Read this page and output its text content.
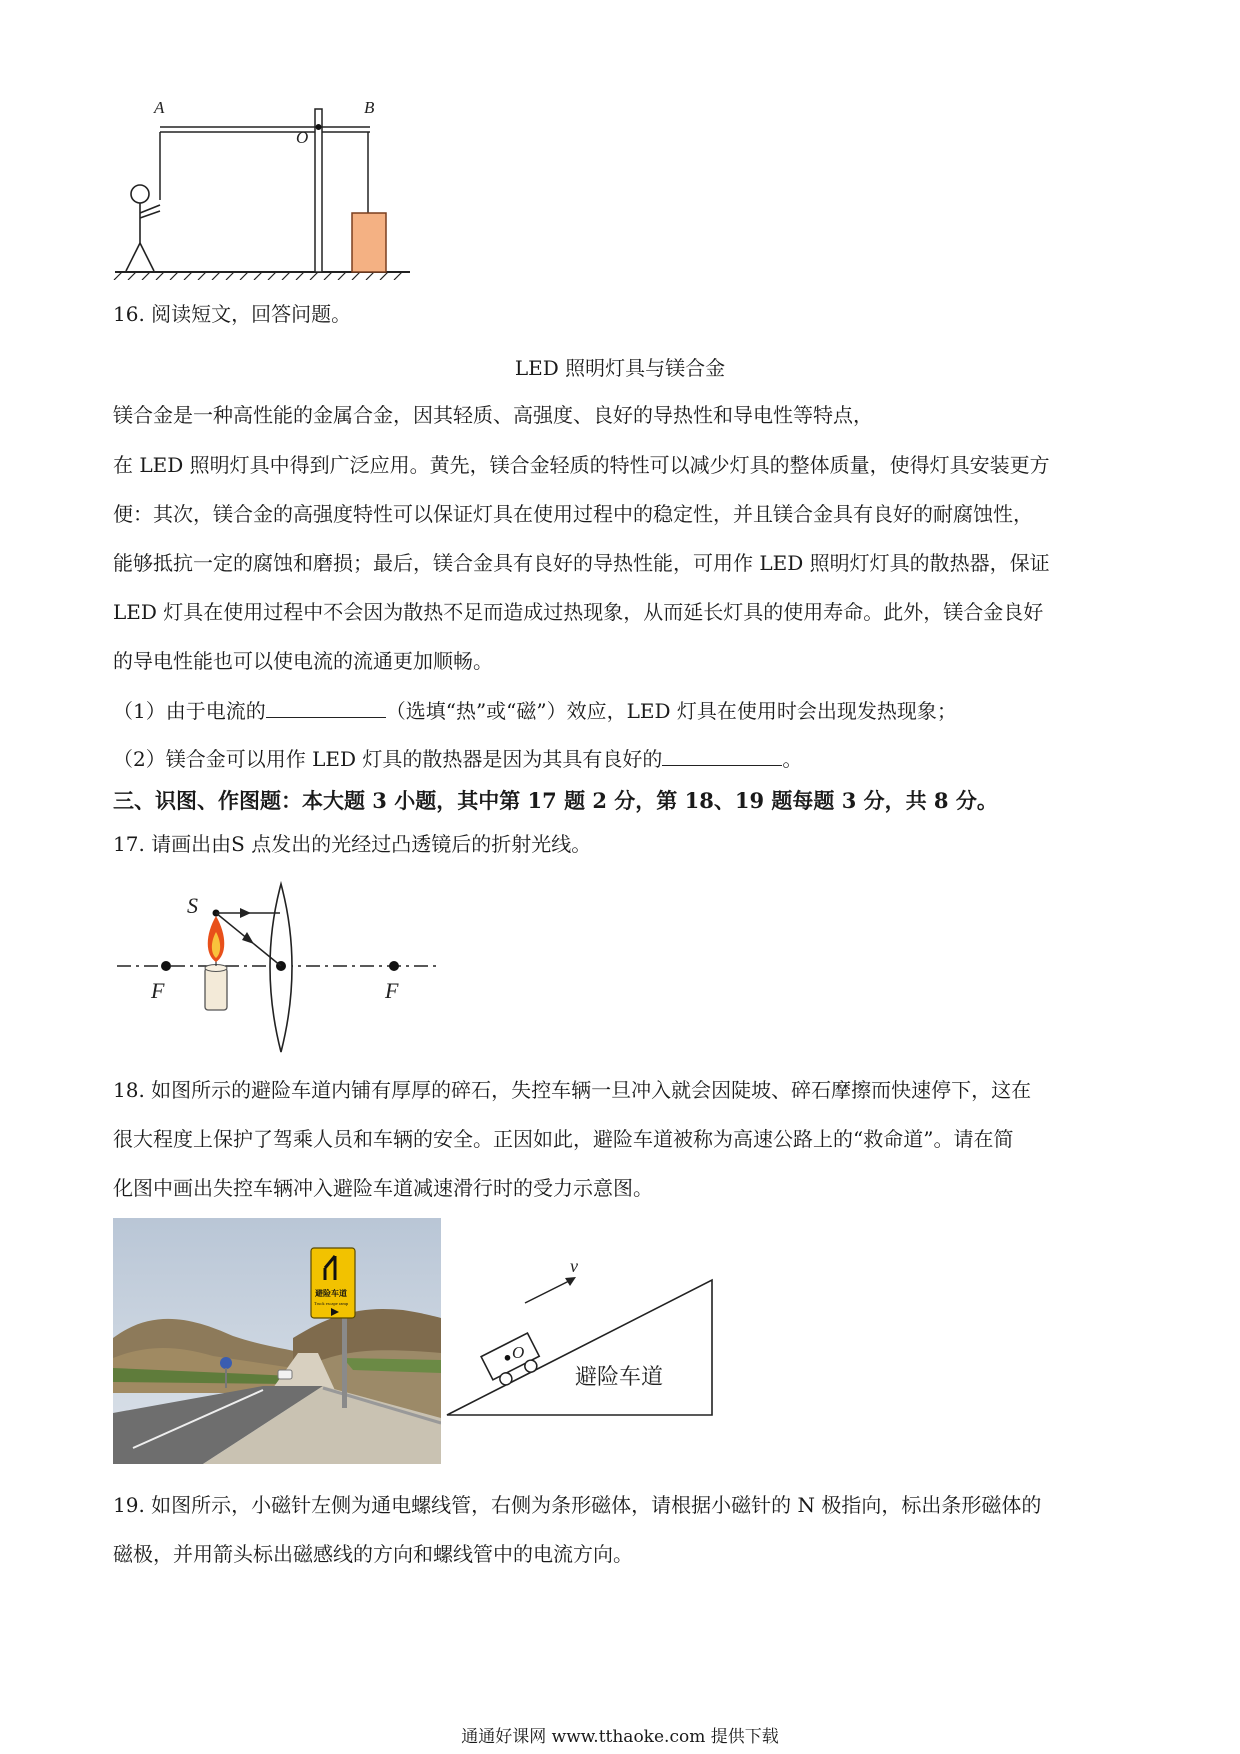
A	B
O
16. 阅读短文，回答问题。
LED 照明灯具与镁合金
镁合金是一种高性能的金属合金，因其轻质、高强度、良好的导热性和导电性等特点，
在 LED 照明灯具中得到广泛应用。黄先，镁合金轻质的特性可以减少灯具的整体质量，使得灯具安装更方
便：其次，镁合金的高强度特性可以保证灯具在使用过程中的稳定性，并且镁合金具有良好的耐腐蚀性，
能够抵抗一定的腐蚀和磨损；最后，镁合金具有良好的导热性能，可用作 LED 照明灯灯具的散热器，保证
LED 灯具在使用过程中不会因为散热不足而造成过热现象，从而延长灯具的使用寿命。此外，镁合金良好
的导电性能也可以使电流的流通更加顺畅。
（1）由于电流的	（选填“热”或“磁”）效应，LED 灯具在使用时会出现发热现象；
（2）镁合金可以用作 LED 灯具的散热器是因为其具有良好的	。
三、识图、作图题：本大题 3 小题，其中第 17 题 2 分，第 18、19 题每题 3 分，共 8 分。
17. 请画出由S 点发出的光经过凸透镜后的折射光线。
S
F	F
18. 如图所示的避险车道内铺有厚厚的碎石，失控车辆一旦冲入就会因陡坡、碎石摩擦而快速停下，这在
很大程度上保护了驾乘人员和车辆的安全。正因如此，避险车道被称为高速公路上的“救命道”。请在简
化图中画出失控车辆冲入避险车道减速滑行时的受力示意图。
避险车道
Truck escape ramp
v
O
避险车道
19. 如图所示，小磁针左侧为通电螺线管，右侧为条形磁体，请根据小磁针的 N 极指向，标出条形磁体的
磁极，并用箭头标出磁感线的方向和螺线管中的电流方向。
通通好课网 www.tthaoke.com 提供下载
